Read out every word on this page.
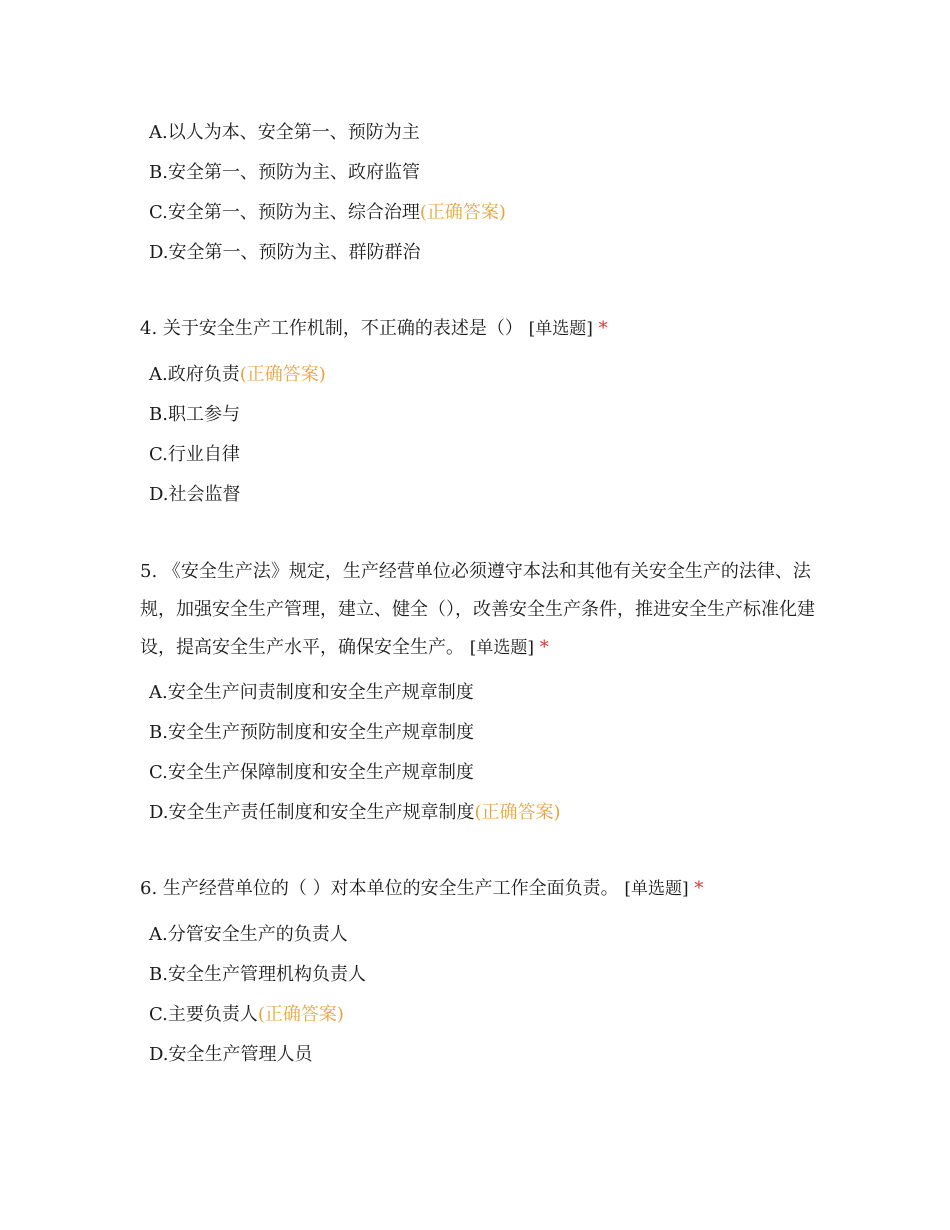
A.以人为本、安全第一、预防为主
B.安全第一、预防为主、政府监管
C.安全第一、预防为主、综合治理(正确答案)
D.安全第一、预防为主、群防群治
4. 关于安全生产工作机制，不正确的表述是（） [单选题] *
A.政府负责(正确答案)
B.职工参与
C.行业自律
D.社会监督
5. 《安全生产法》规定，生产经营单位必须遵守本法和其他有关安全生产的法律、法规，加强安全生产管理，建立、健全（），改善安全生产条件，推进安全生产标准化建设，提高安全生产水平，确保安全生产。 [单选题] *
A.安全生产问责制度和安全生产规章制度
B.安全生产预防制度和安全生产规章制度
C.安全生产保障制度和安全生产规章制度
D.安全生产责任制度和安全生产规章制度(正确答案)
6. 生产经营单位的（ ）对本单位的安全生产工作全面负责。 [单选题] *
A.分管安全生产的负责人
B.安全生产管理机构负责人
C.主要负责人(正确答案)
D.安全生产管理人员
